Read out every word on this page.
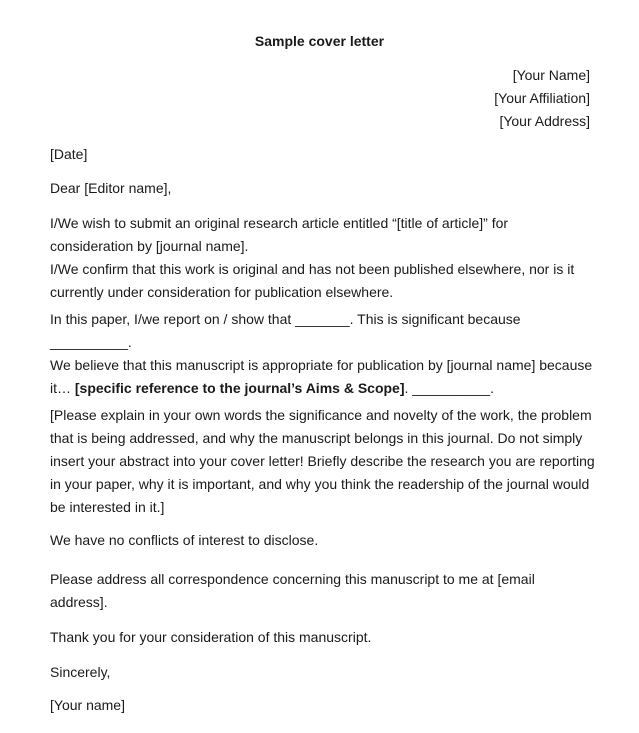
Sample cover letter
[Your Name]
[Your Affiliation]
[Your Address]

[Date]

Dear [Editor name],

I/We wish to submit an original research article entitled “[title of article]” for consideration by [journal name].
I/We confirm that this work is original and has not been published elsewhere, nor is it currently under consideration for publication elsewhere.
In this paper, I/we report on / show that _______. This is significant because __________.
We believe that this manuscript is appropriate for publication by [journal name] because it… [specific reference to the journal’s Aims & Scope]. __________.

[Please explain in your own words the significance and novelty of the work, the problem that is being addressed, and why the manuscript belongs in this journal. Do not simply insert your abstract into your cover letter! Briefly describe the research you are reporting in your paper, why it is important, and why you think the readership of the journal would be interested in it.]

We have no conflicts of interest to disclose.

Please address all correspondence concerning this manuscript to me at [email address].

Thank you for your consideration of this manuscript.

Sincerely,

[Your name]
